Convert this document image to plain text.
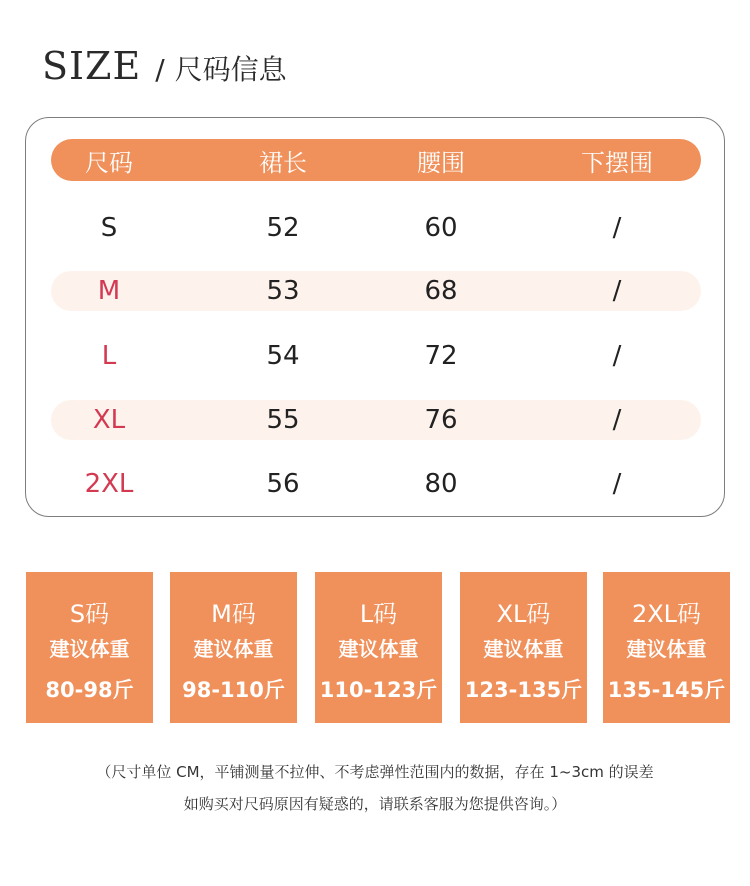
SIZE / 尺码信息
尺码	裙长	腰围	下摆围
S	52	60	/
M	53	68	/
L	54	72	/
XL	55	76	/
2XL	56	80	/
S码
建议体重
80-98斤
M码
建议体重
98-110斤
L码
建议体重
110-123斤
XL码
建议体重
123-135斤
2XL码
建议体重
135-145斤
（尺寸单位 CM，平铺测量不拉伸、不考虑弹性范围内的数据，存在 1~3cm 的误差
如购买对尺码原因有疑惑的，请联系客服为您提供咨询。）
